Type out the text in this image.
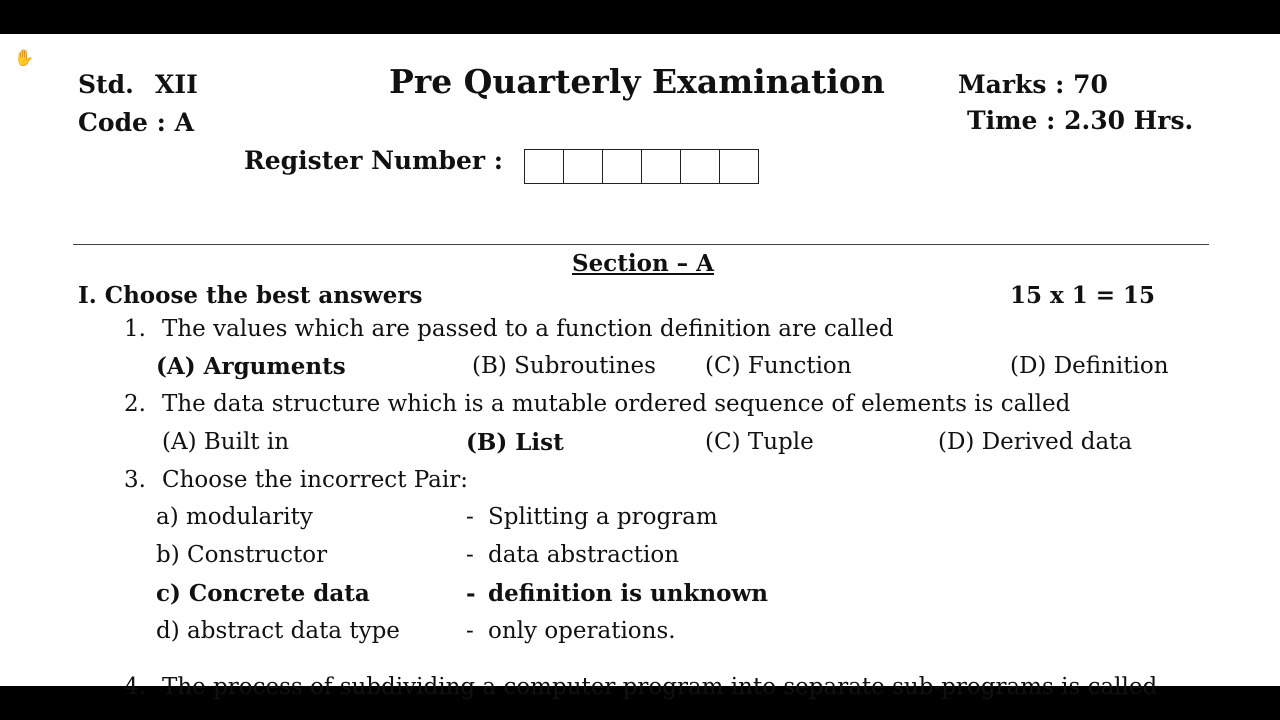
✋
Std. XII
Code : A
Pre Quarterly Examination	Marks : 70
Time : 2.30 Hrs.
Register Number :
Section – A
I. Choose the best answers	15 x 1 = 15
1. The values which are passed to a function definition are called
(A) Arguments	(B) Subroutines (C) Function	(D) Definition
2. The data structure which is a mutable ordered sequence of elements is called
(A) Built in	(B) List	(C) Tuple	(D) Derived data
3. Choose the incorrect Pair:
a) modularity	- Splitting a program
b) Constructor	- data abstraction
c) Concrete data	- definition is unknown
d) abstract data type	- only operations.
4. The process of subdividing a computer program into separate sub-programs is called
